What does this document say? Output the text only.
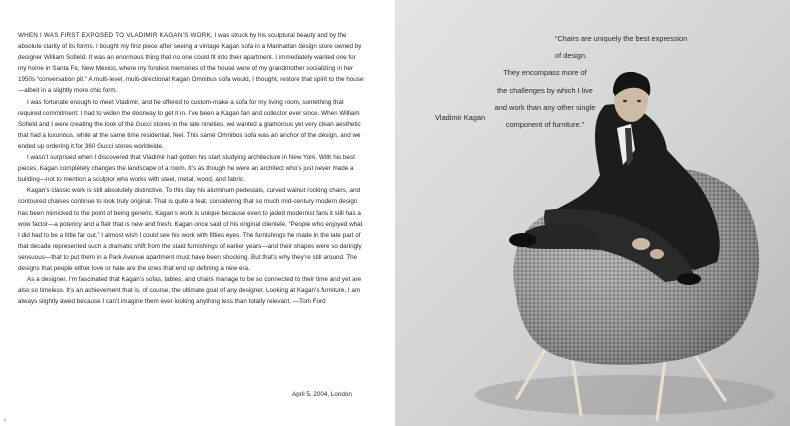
WHEN I WAS FIRST EXPOSED TO VLADIMIR KAGAN’S WORK, I was struck by his sculptural beauty and by the absolute clarity of its forms. I bought my first piece after seeing a vintage Kagan sofa in a Manhattan design store owned by designer William Sofield. It was an enormous thing that no one could fit into their apartment. I immediately wanted one for my home in Santa Fe, New Mexico, where my fondest memories of the house were of my grandmother socializing in her 1950s “conversation pit.” A multi-level, multi-directional Kagan Omnibus sofa would, I thought, restore that spirit to the house—albeit in a slightly more chic form.

I was fortunate enough to meet Vladimir, and he offered to custom-make a sofa for my living room, something that required commitment: I had to widen the doorway to get it in. I’ve been a Kagan fan and collector ever since. When William Sofield and I were creating the look of the Gucci stores in the late nineties, we wanted a glamorous yet very clean aesthetic that had a luxurious, while at the same time residential, feel. This same Omnibus sofa was an anchor of the design, and we ended up ordering it for 360 Gucci stores worldwide.

I wasn’t surprised when I discovered that Vladimir had gotten his start studying architecture in New York. With his best pieces, Kagan completely changes the landscape of a room. It’s as though he were an architect who’s just never made a building—not to mention a sculptor who works with steel, metal, wood, and fabric.

Kagan’s classic work is still absolutely distinctive. To this day his aluminum pedestals, curved walnut rocking chairs, and contoured chaises continue to look truly original. That is quite a feat, considering that so much mid-century modern design has been mimicked to the point of being generic. Kagan’s work is unique because even to jaded modernist fans it still has a wow factor—a potency and a flair that is new and fresh. Kagan once said of his original clientele, “People who enjoyed what I did had to be a little far out.” I almost wish I could see his work with fifties eyes. The furnishings he made in the late part of that decade represented such a dramatic shift from the staid furnishings of earlier years—and their shapes were so daringly sensuous—that to put them in a Park Avenue apartment must have been shocking. But that’s why they’re still around. The designs that people either love or hate are the ones that end up defining a new era.

As a designer, I’m fascinated that Kagan’s sofas, tables, and chairs manage to be so connected to their time and yet are also so timeless. It’s an achievement that is, of course, the ultimate goal of any designer. Looking at Kagan’s furniture, I am always slightly awed because I can’t imagine them ever looking anything less than totally relevant. —Tom Ford

April 5, 2004, London
6
“Chairs are uniquely the best expression of design.
They encompass more of
the challenges by which I live
and work than any other single
component of furniture.”
Vladimir Kagan
